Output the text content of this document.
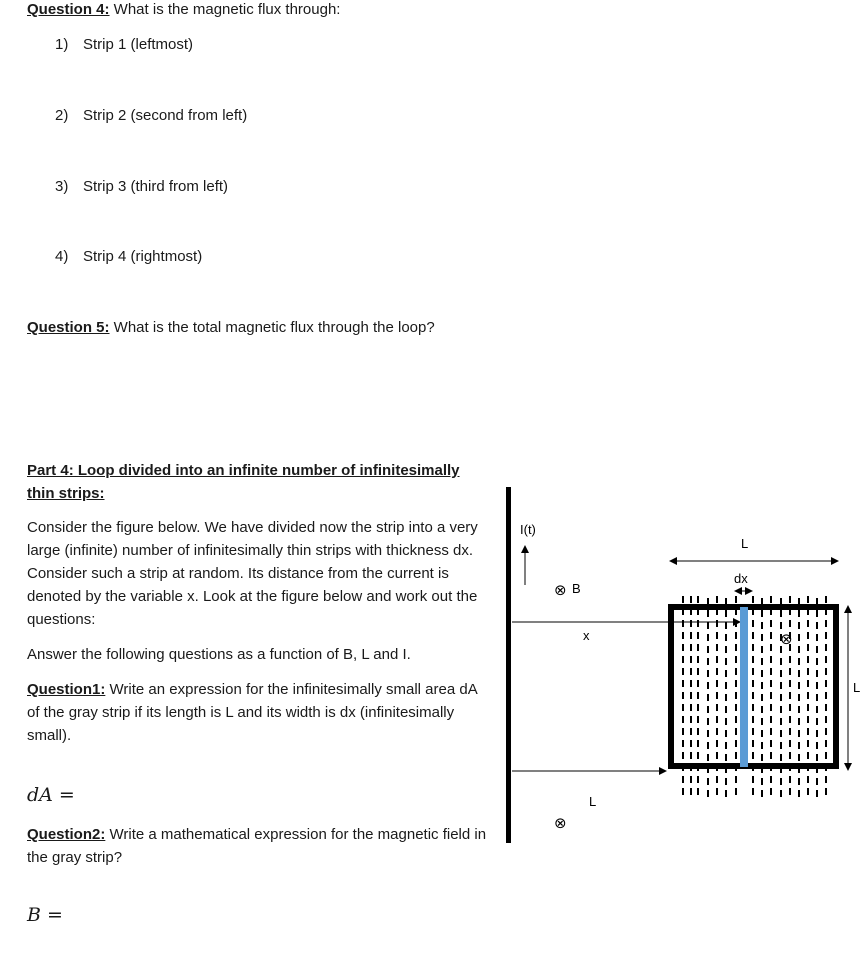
Question 4: What is the magnetic flux through:
1) Strip 1 (leftmost)
2) Strip 2 (second from left)
3) Strip 3 (third from left)
4) Strip 4 (rightmost)
Question 5: What is the total magnetic flux through the loop?
Part 4: Loop divided into an infinite number of infinitesimally thin strips:
Consider the figure below. We have divided now the strip into a very large (infinite) number of infinitesimally thin strips with thickness dx. Consider such a strip at random. Its distance from the current is denoted by the variable x. Look at the figure below and work out the questions:
Answer the following questions as a function of B, L and I.
Question1: Write an expression for the infinitesimally small area dA of the gray strip if its length is L and its width is dx (infinitesimally small).
dA =
Question2: Write a mathematical expression for the magnetic field in the gray strip?
B =
I(t)
⊗ B
⊗
x
L
L
dx
L
⊗
